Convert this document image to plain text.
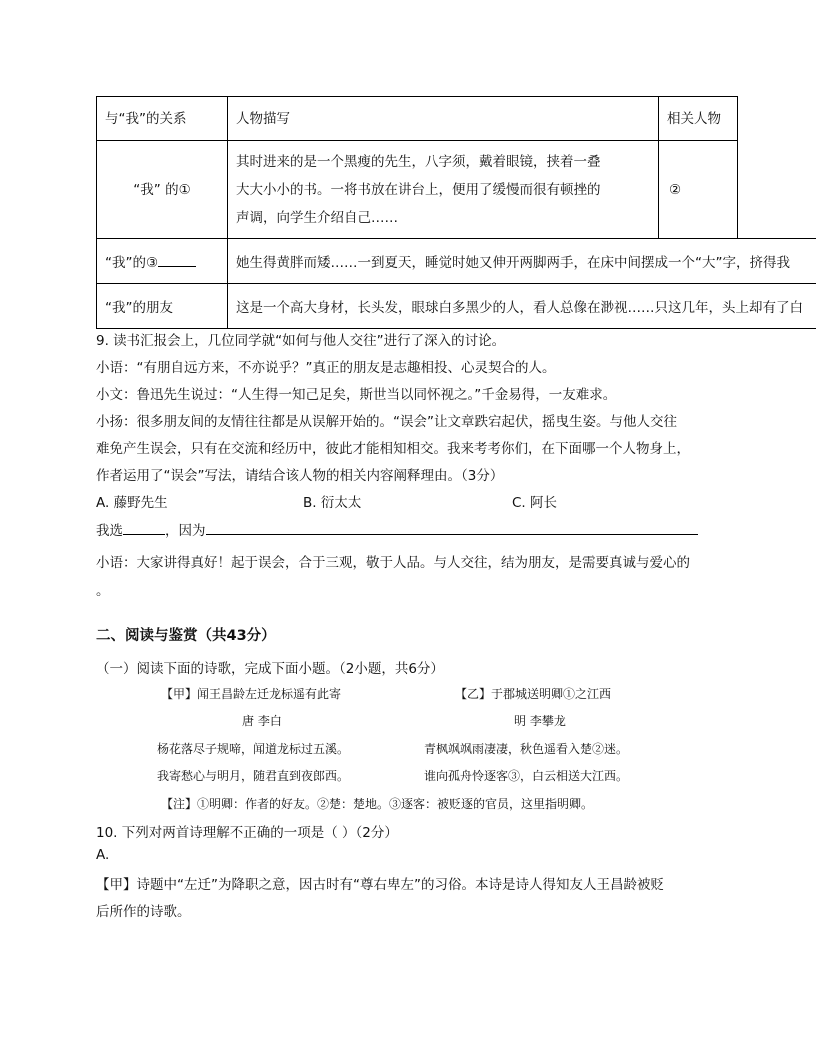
与“我”的关系	人物描写	相关人物
“我” 的①	其时进来的是一个黑瘦的先生，八字须，戴着眼镜，挟着一叠
大大小小的书。一将书放在讲台上，便用了缓慢而很有顿挫的
声调，向学生介绍自己……	②
“我”的③	她生得黄胖而矮……一到夏天，睡觉时她又伸开两脚两手，在床中间摆成一个“大”字，挤得我
“我”的朋友	这是一个高大身材，长头发，眼球白多黑少的人，看人总像在渺视……只这几年，头上却有了白
9. 读书汇报会上，几位同学就“如何与他人交往”进行了深入的讨论。
小语：“有朋自远方来，不亦说乎？”真正的朋友是志趣相投、心灵契合的人。
小文：鲁迅先生说过：“人生得一知己足矣，斯世当以同怀视之。”千金易得，一友难求。
小扬：很多朋友间的友情往往都是从误解开始的。“误会”让文章跌宕起伏，摇曳生姿。与他人交往
难免产生误会，只有在交流和经历中，彼此才能相知相交。我来考考你们，在下面哪一个人物身上，
作者运用了“误会”写法，请结合该人物的相关内容阐释理由。（3分）
A. 藤野先生	B. 衍太太	C. 阿长
我选	，因为
小语：大家讲得真好！起于误会，合于三观，敬于人品。与人交往，结为朋友，是需要真诚与爱心的
。
二、阅读与鉴赏（共43分）
（一）阅读下面的诗歌，完成下面小题。（2小题，共6分）
【甲】闻王昌龄左迁龙标遥有此寄
唐 李白
杨花落尽子规啼，闻道龙标过五溪。
我寄愁心与明月，随君直到夜郎西。
【乙】于郡城送明卿①之江西
明 李攀龙
青枫飒飒雨凄凄，秋色遥看入楚②迷。
谁向孤舟怜逐客③，白云相送大江西。
【注】①明卿：作者的好友。②楚：楚地。③逐客：被贬逐的官员，这里指明卿。
10. 下列对两首诗理解不正确的一项是（ ）（2分）
A.
【甲】诗题中“左迁”为降职之意，因古时有“尊右卑左”的习俗。本诗是诗人得知友人王昌龄被贬
后所作的诗歌。
